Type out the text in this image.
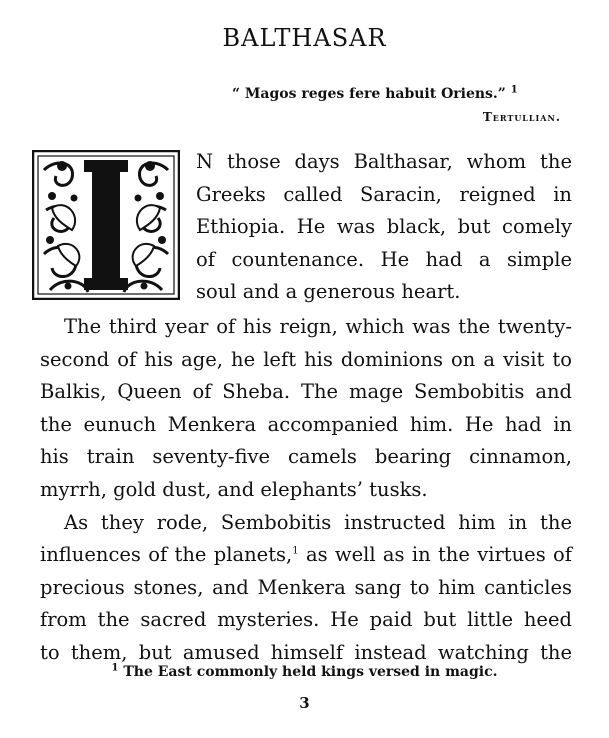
BALTHASAR
“ Magos reges fere habuit Oriens.” $^1$
Tertullian.
N those days Balthasar, whom the
Greeks called Saracin, reigned in
Ethiopia. He was black, but comely
of countenance. He had a simple
soul and a generous heart.
The third year of his reign, which was the twenty-
second of his age, he left his dominions on a visit to
Balkis, Queen of Sheba. The mage Sembobitis and
the eunuch Menkera accompanied him. He had in
his train seventy-five camels bearing cinnamon,
myrrh, gold dust, and elephants’ tusks.
As they rode, Sembobitis instructed him in the
influences of the planets,$^1$ as well as in the virtues of
precious stones, and Menkera sang to him canticles
from the sacred mysteries. He paid but little heed
to them, but amused himself instead watching the
$^1$ The East commonly held kings versed in magic.
3
